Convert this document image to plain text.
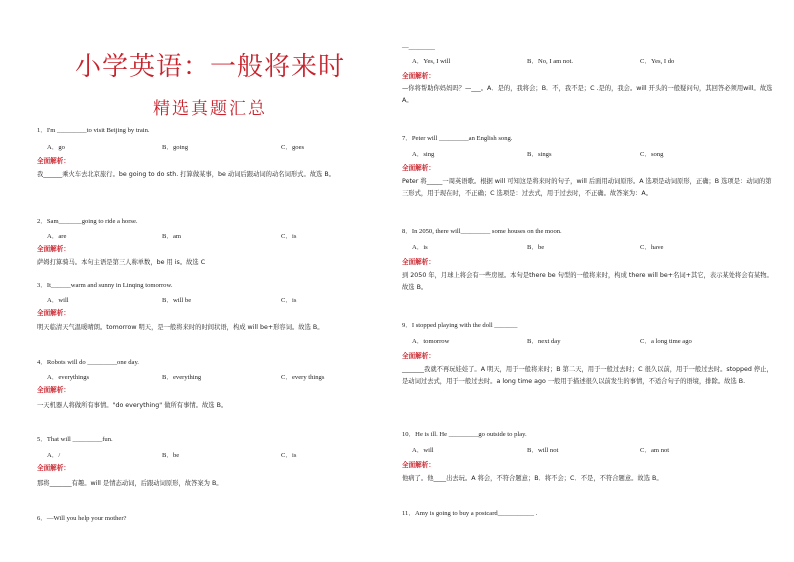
小学英语：一般将来时
精选真题汇总
1．I'm _________to visit Beijing by train.
A．go	B．going	C．goes
全面解析：
我______乘火车去北京旅行。be going to do sth. 打算做某事，be 动词后跟动词的动名词形式。故选 B。
2．Sam_______going to ride a horse.
A．are	B．am	C．is
全面解析：
萨姆打算骑马。本句主语是第三人称单数，be 用 is。故选 C
3．It______warm and sunny in Linqing tomorrow.
A．will	B．will be	C．is
全面解析：
明天临清天气温暖晴朗。tomorrow 明天，是一般将来时的时间状语，构成 will be+形容词。故选 B。
4．Robots will do _________one day.
A．everythings	B．everything	C．every things
全面解析：
一天机器人将做所有事情。"do everything" 做所有事情。故选 B。
5．That will _________fun.
A．/	B．be	C．is
全面解析：
那将_______有趣。will 是情态动词，后跟动词原形，故答案为 B。
6．—Will you help your mother?
—________
A．Yes, I will	B．No, I am not.	C．Yes, I do
全面解析：
—你将帮助你妈妈吗？—___。A．是的，我将会；B．不，我不是；C .是的，我会。will 开头的一般疑问句，其回答必须用will。故选 A。
7．Peter will _________an English song.
A．sing	B．sings	C．song
全面解析：
Peter 将_____一周英语歌。根据 will 可知这是将来时的句子，will 后面用动词原形。A 选项是动词原形，正确；B 选项是：动词的第三形式，用于现在时，不正确；C 选项是：过去式，用于过去时，不正确。故答案为：A。
8．In 2050, there will_________ some houses on the moon.
A．is	B．be	C．have
全面解析：
到 2050 年，月球上将会有一些房屋。本句是there be 句型的一般将来时，构成 there will be+名词+其它，表示某处将会有某物。故选 B。
9．I stopped playing with the doll _______
A．tomorrow	B．next day	C．a long time ago
全面解析：
_______我就不再玩娃娃了。A 明天，用于一般将来时；B 第二天，用于一般过去时；C 很久以前，用于一般过去时。stopped 停止，是动词过去式，用于一般过去时。a long time ago 一般用于描述很久以前发生的事情，不适合句子的语境，排除。故选 B.
10．He is ill. He _________go outside to play.
A．will	B．will not	C．am not
全面解析：
他病了。他____出去玩。A 将会，不符合题意；B．将不会；C．不是，不符合题意。故选 B。
11．Amy is going to buy a postcard___________ .
